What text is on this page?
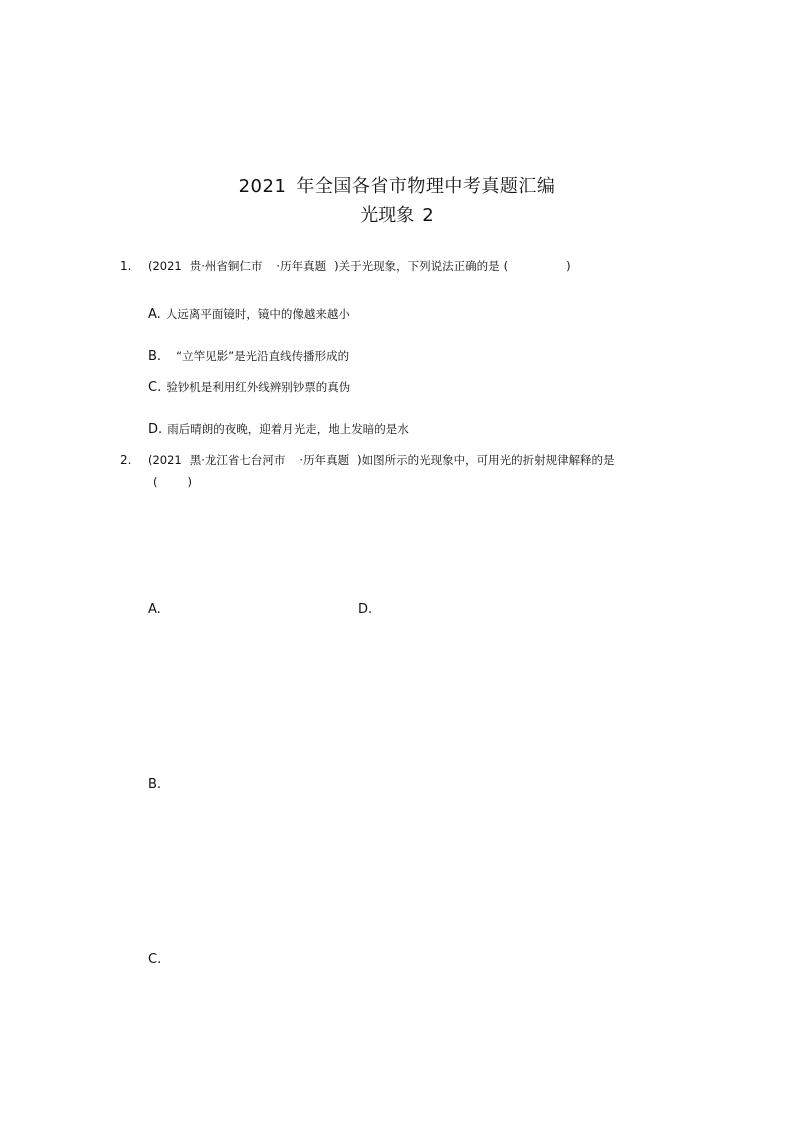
2021 年全国各省市物理中考真题汇编
光现象 2
1. (2021 贵·州省铜仁市 ·历年真题 )关于光现象，下列说法正确的是 (	)
A. 人远离平面镜时，镜中的像越来越小
B. “立竿见影”是光沿直线传播形成的
C. 验钞机是利用红外线辨别钞票的真伪
D. 雨后晴朗的夜晚，迎着月光走，地上发暗的是水
2. (2021 黑·龙江省七台河市 ·历年真题 )如图所示的光现象中，可用光的折射规律解释的是
(	)
A.	D.
B.
C.
